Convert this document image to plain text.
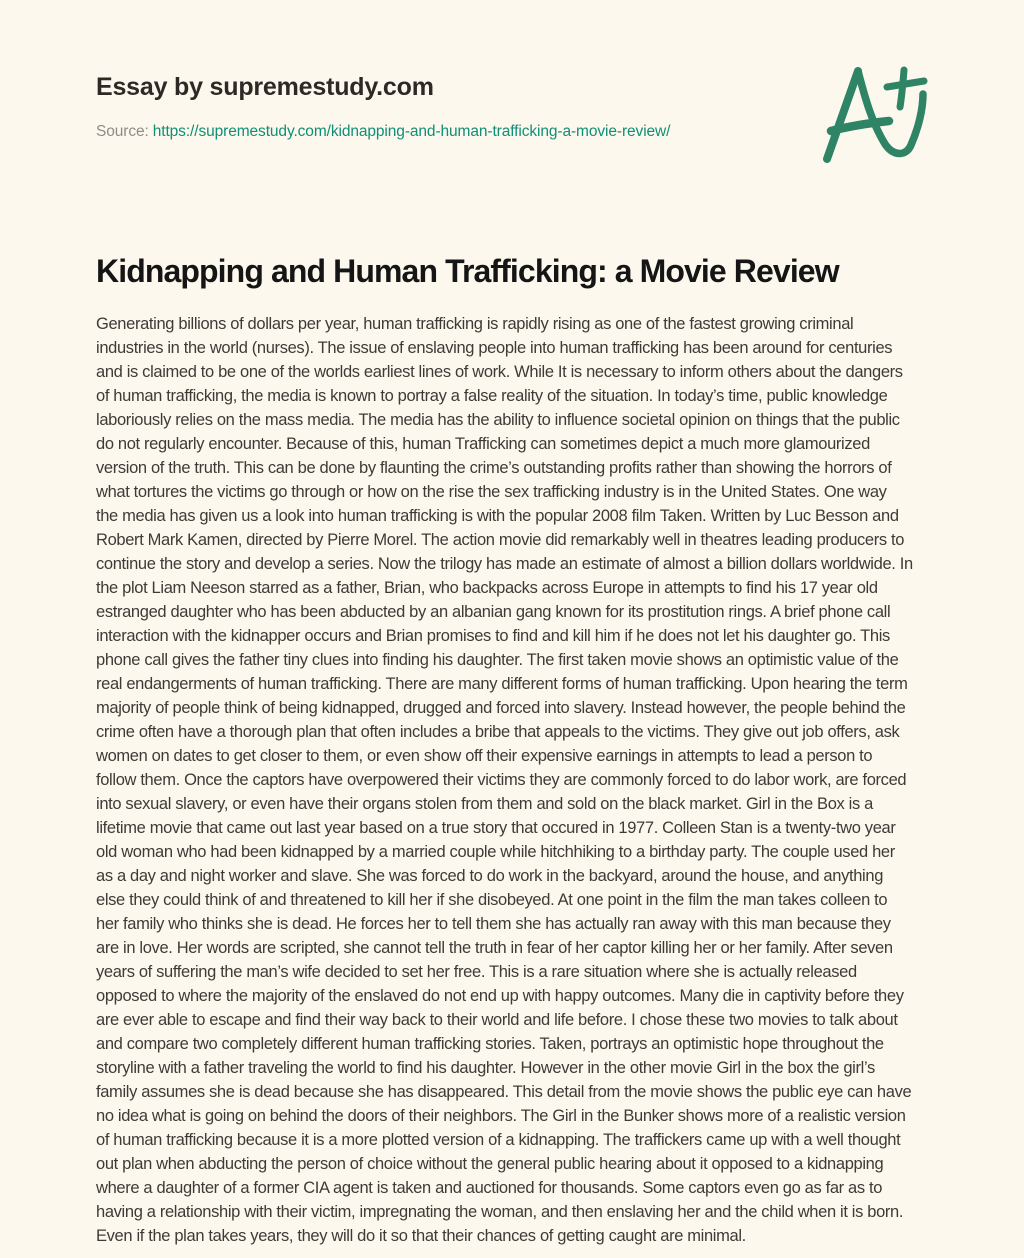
Essay by supremestudy.com

Source: https://supremestudy.com/kidnapping-and-human-trafficking-a-movie-review/

Kidnapping and Human Trafficking: a Movie Review
Generating billions of dollars per year, human trafficking is rapidly rising as one of the fastest growing criminal
industries in the world (nurses). The issue of enslaving people into human trafficking has been around for centuries
and is claimed to be one of the worlds earliest lines of work. While It is necessary to inform others about the dangers
of human trafficking, the media is known to portray a false reality of the situation. In today’s time, public knowledge
laboriously relies on the mass media. The media has the ability to influence societal opinion on things that the public
do not regularly encounter. Because of this, human Trafficking can sometimes depict a much more glamourized
version of the truth. This can be done by flaunting the crime’s outstanding profits rather than showing the horrors of
what tortures the victims go through or how on the rise the sex trafficking industry is in the United States. One way
the media has given us a look into human trafficking is with the popular 2008 film Taken. Written by Luc Besson and
Robert Mark Kamen, directed by Pierre Morel. The action movie did remarkably well in theatres leading producers to
continue the story and develop a series. Now the trilogy has made an estimate of almost a billion dollars worldwide. In
the plot Liam Neeson starred as a father, Brian, who backpacks across Europe in attempts to find his 17 year old
estranged daughter who has been abducted by an albanian gang known for its prostitution rings. A brief phone call
interaction with the kidnapper occurs and Brian promises to find and kill him if he does not let his daughter go. This
phone call gives the father tiny clues into finding his daughter. The first taken movie shows an optimistic value of the
real endangerments of human trafficking. There are many different forms of human trafficking. Upon hearing the term
majority of people think of being kidnapped, drugged and forced into slavery. Instead however, the people behind the
crime often have a thorough plan that often includes a bribe that appeals to the victims. They give out job offers, ask
women on dates to get closer to them, or even show off their expensive earnings in attempts to lead a person to
follow them. Once the captors have overpowered their victims they are commonly forced to do labor work, are forced
into sexual slavery, or even have their organs stolen from them and sold on the black market. Girl in the Box is a
lifetime movie that came out last year based on a true story that occured in 1977. Colleen Stan is a twenty-two year
old woman who had been kidnapped by a married couple while hitchhiking to a birthday party. The couple used her
as a day and night worker and slave. She was forced to do work in the backyard, around the house, and anything
else they could think of and threatened to kill her if she disobeyed. At one point in the film the man takes colleen to
her family who thinks she is dead. He forces her to tell them she has actually ran away with this man because they
are in love. Her words are scripted, she cannot tell the truth in fear of her captor killing her or her family. After seven
years of suffering the man’s wife decided to set her free. This is a rare situation where she is actually released
opposed to where the majority of the enslaved do not end up with happy outcomes. Many die in captivity before they
are ever able to escape and find their way back to their world and life before. I chose these two movies to talk about
and compare two completely different human trafficking stories. Taken, portrays an optimistic hope throughout the
storyline with a father traveling the world to find his daughter. However in the other movie Girl in the box the girl’s
family assumes she is dead because she has disappeared. This detail from the movie shows the public eye can have
no idea what is going on behind the doors of their neighbors. The Girl in the Bunker shows more of a realistic version
of human trafficking because it is a more plotted version of a kidnapping. The traffickers came up with a well thought
out plan when abducting the person of choice without the general public hearing about it opposed to a kidnapping
where a daughter of a former CIA agent is taken and auctioned for thousands. Some captors even go as far as to
having a relationship with their victim, impregnating the woman, and then enslaving her and the child when it is born.
Even if the plan takes years, they will do it so that their chances of getting caught are minimal.
